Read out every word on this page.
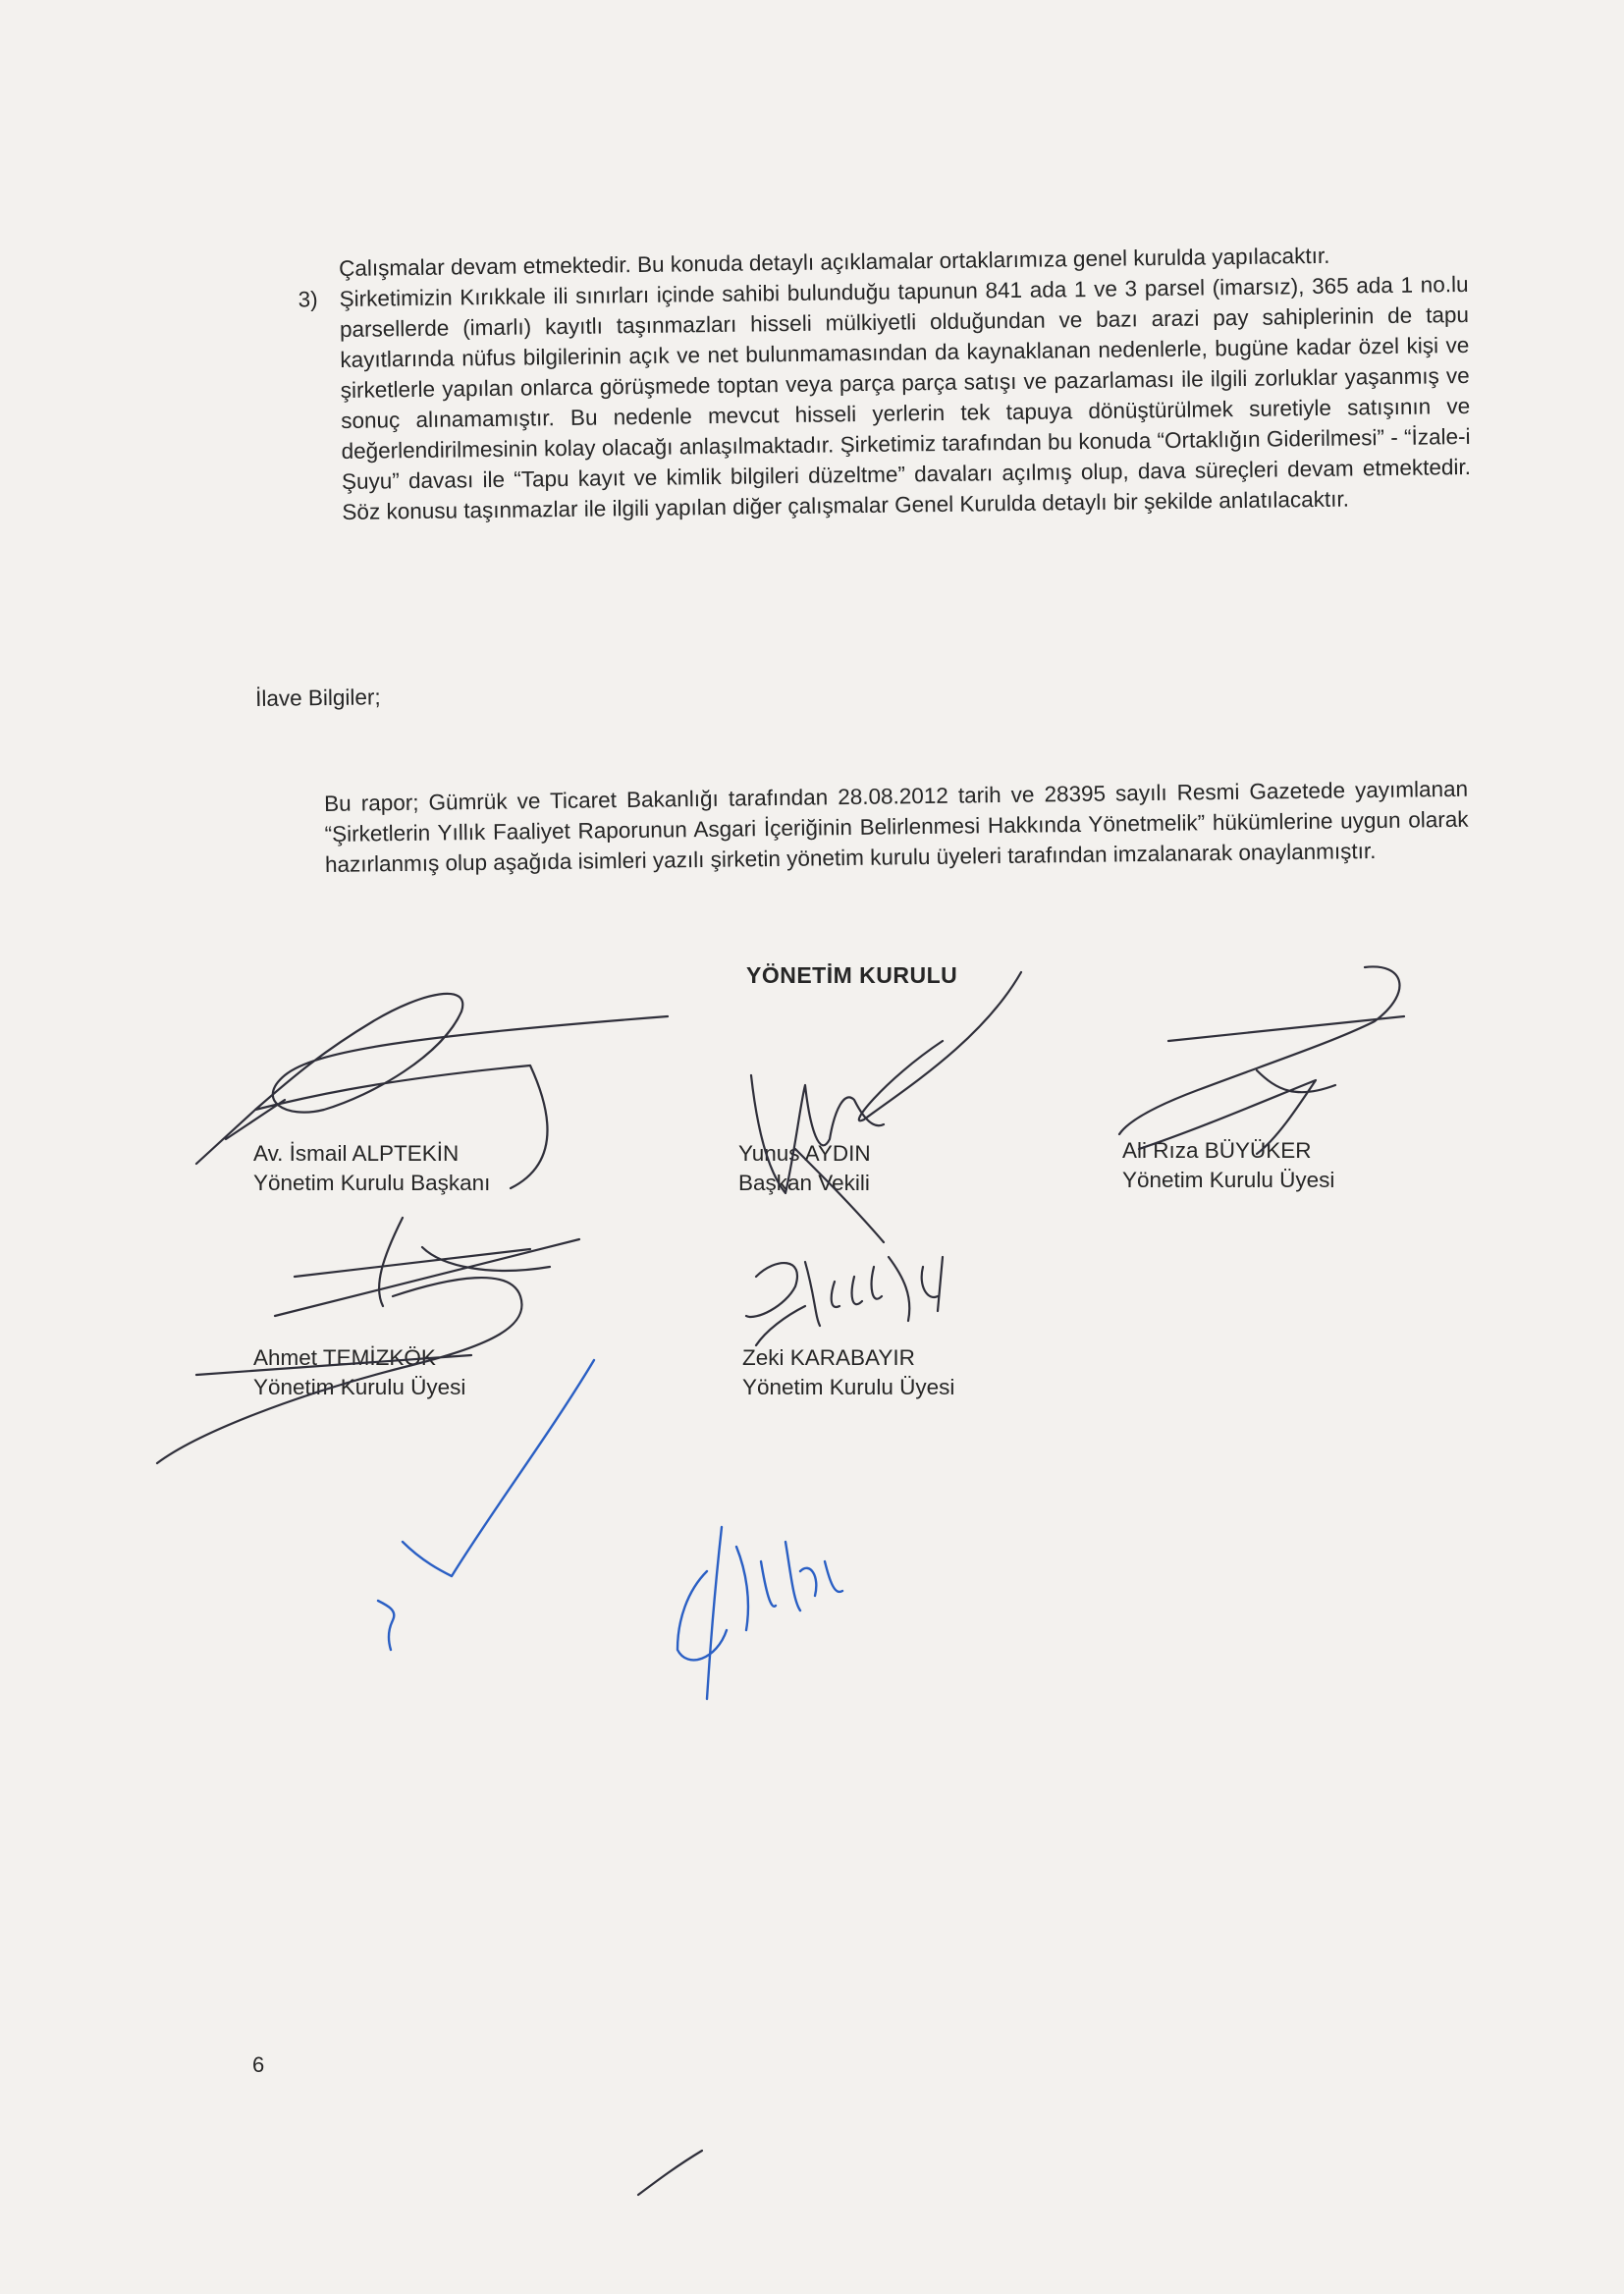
Çalışmalar devam etmektedir. Bu konuda detaylı açıklamalar ortaklarımıza genel kurulda yapılacaktır.

3) Şirketimizin Kırıkkale ili sınırları içinde sahibi bulunduğu tapunun 841 ada 1 ve 3 parsel (imarsız), 365 ada 1 no.lu parsellerde (imarlı) kayıtlı taşınmazları hisseli mülkiyetli olduğundan ve bazı arazi pay sahiplerinin de tapu kayıtlarında nüfus bilgilerinin açık ve net bulunmamasından da kaynaklanan nedenlerle, bugüne kadar özel kişi ve şirketlerle yapılan onlarca görüşmede toptan veya parça parça satışı ve pazarlaması ile ilgili zorluklar yaşanmış ve sonuç alınamamıştır. Bu nedenle mevcut hisseli yerlerin tek tapuya dönüştürülmek suretiyle satışının ve değerlendirilmesinin kolay olacağı anlaşılmaktadır. Şirketimiz tarafından bu konuda “Ortaklığın Giderilmesi” - “İzale-i Şuyu” davası ile “Tapu kayıt ve kimlik bilgileri düzeltme” davaları açılmış olup, dava süreçleri devam etmektedir. Söz konusu taşınmazlar ile ilgili yapılan diğer çalışmalar Genel Kurulda detaylı bir şekilde anlatılacaktır.

İlave Bilgiler;

Bu rapor; Gümrük ve Ticaret Bakanlığı tarafından 28.08.2012 tarih ve 28395 sayılı Resmi Gazetede yayımlanan “Şirketlerin Yıllık Faaliyet Raporunun Asgari İçeriğinin Belirlenmesi Hakkında Yönetmelik” hükümlerine uygun olarak hazırlanmış olup aşağıda isimleri yazılı şirketin yönetim kurulu üyeleri tarafından imzalanarak onaylanmıştır.

YÖNETİM KURULU
Av. İsmail ALPTEKİN
Yönetim Kurulu Başkanı
Yunus AYDIN
Başkan Vekili
Ali Rıza BÜYÜKER
Yönetim Kurulu Üyesi
Ahmet TEMİZKÖK
Yönetim Kurulu Üyesi
Zeki KARABAYIR
Yönetim Kurulu Üyesi
6
